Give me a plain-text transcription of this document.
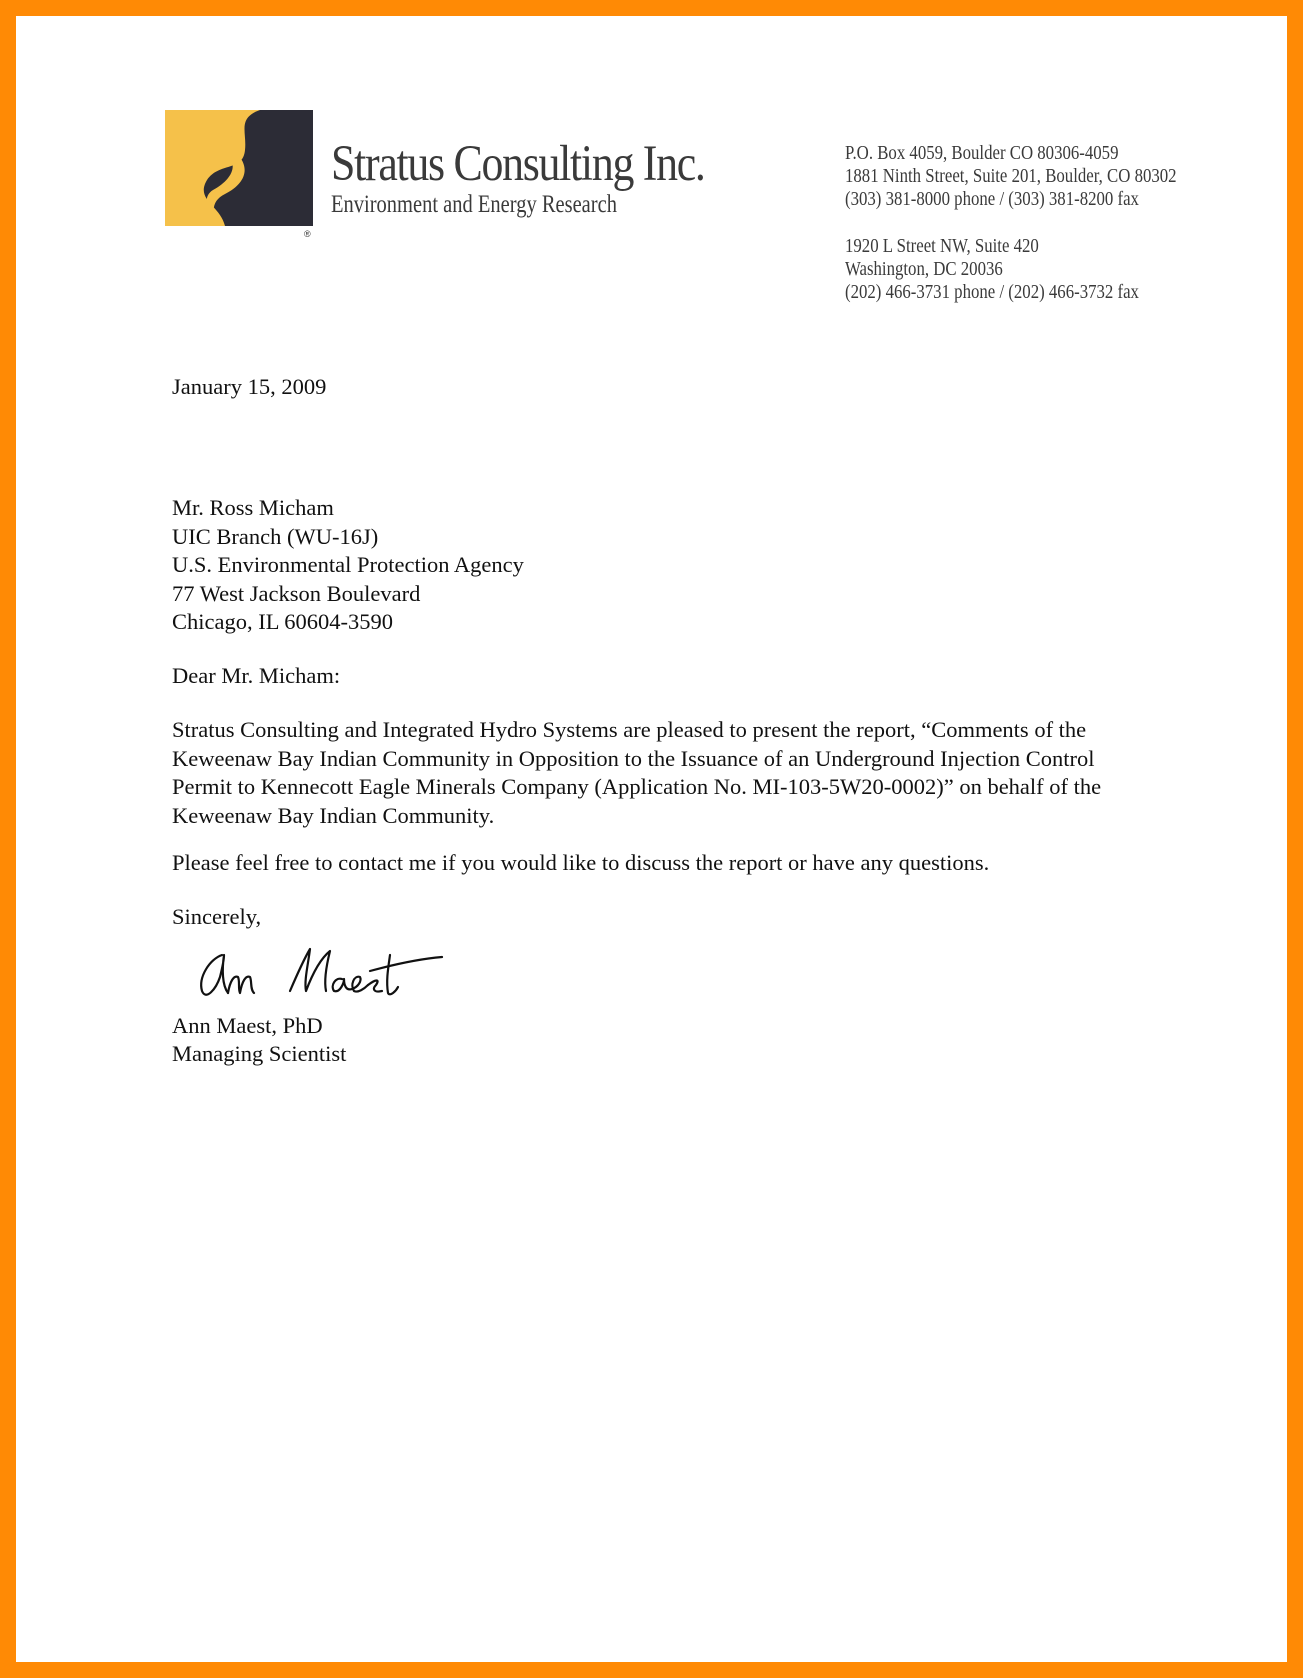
®
Stratus Consulting Inc.
Environment and Energy Research
P.O. Box 4059, Boulder CO 80306-4059
1881 Ninth Street, Suite 201, Boulder, CO 80302
(303) 381-8000 phone / (303) 381-8200 fax
1920 L Street NW, Suite 420
Washington, DC 20036
(202) 466-3731 phone / (202) 466-3732 fax
January 15, 2009
Mr. Ross Micham
UIC Branch (WU-16J)
U.S. Environmental Protection Agency
77 West Jackson Boulevard
Chicago, IL 60604-3590
Dear Mr. Micham:
Stratus Consulting and Integrated Hydro Systems are pleased to present the report, “Comments of the Keweenaw Bay Indian Community in Opposition to the Issuance of an Underground Injection Control Permit to Kennecott Eagle Minerals Company (Application No. MI-103-5W20-0002)” on behalf of the Keweenaw Bay Indian Community.
Please feel free to contact me if you would like to discuss the report or have any questions.
Sincerely,
Ann Maest, PhD
Managing Scientist
